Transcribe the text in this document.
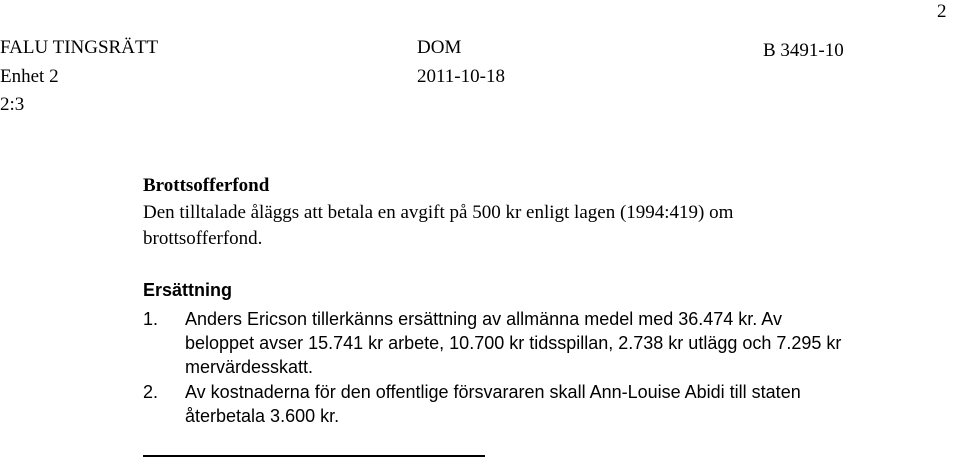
2
FALU TINGSRÄTT
Enhet 2
2:3
DOM
2011-10-18
B 3491-10
Brottsofferfond
Den tilltalade åläggs att betala en avgift på 500 kr enligt lagen (1994:419) om
brottsofferfond.
Ersättning
1. Anders Ericson tillerkänns ersättning av allmänna medel med 36.474 kr. Av
beloppet avser 15.741 kr arbete, 10.700 kr tidsspillan, 2.738 kr utlägg och 7.295 kr
mervärdesskatt.
2. Av kostnaderna för den offentlige försvararen skall Ann-Louise Abidi till staten
återbetala 3.600 kr.
